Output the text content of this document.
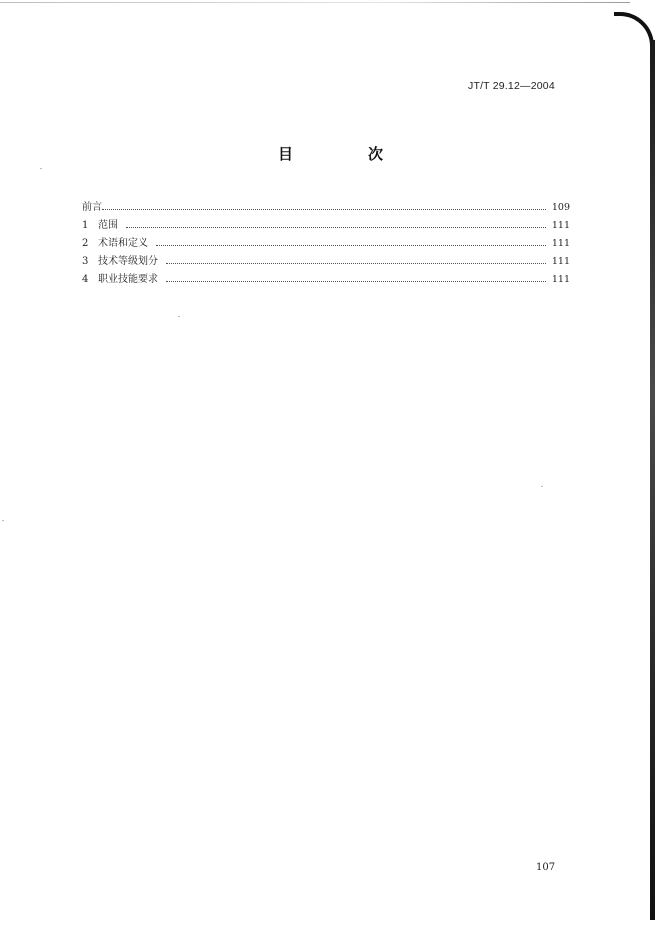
JT/T 29.12—2004
目　次
前言	109
1 范围	111
2 术语和定义	111
3 技术等级划分	111
4 职业技能要求	111
107
